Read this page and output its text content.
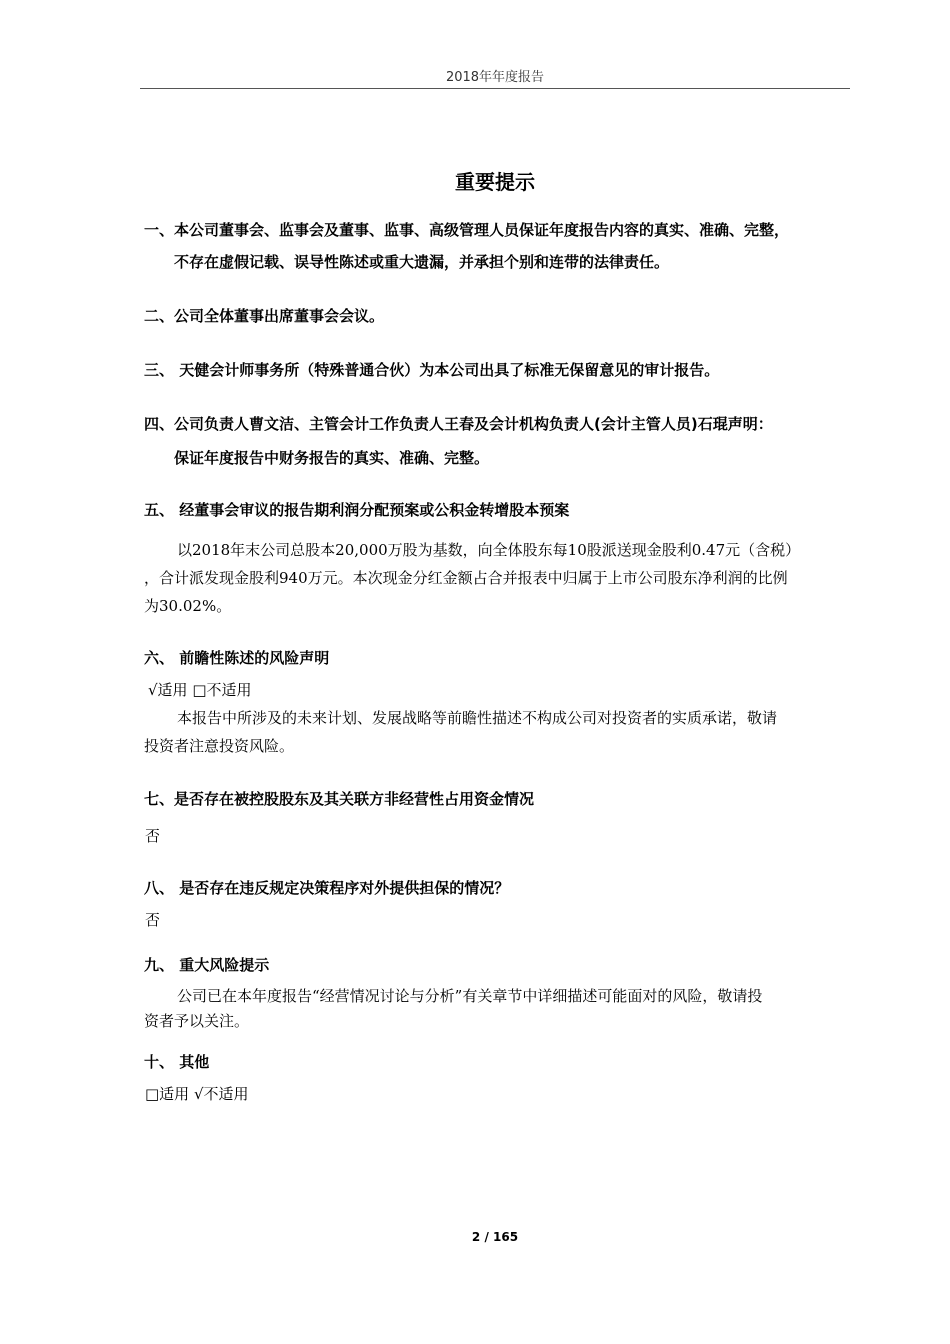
2018年年度报告
重要提示
一、本公司董事会、监事会及董事、监事、高级管理人员保证年度报告内容的真实、准确、完整，
不存在虚假记载、误导性陈述或重大遗漏，并承担个别和连带的法律责任。
二、公司全体董事出席董事会会议。
三、 天健会计师事务所（特殊普通合伙）为本公司出具了标准无保留意见的审计报告。
四、公司负责人曹文洁、主管会计工作负责人王春及会计机构负责人(会计主管人员)石琨声明：
保证年度报告中财务报告的真实、准确、完整。
五、 经董事会审议的报告期利润分配预案或公积金转增股本预案
以2018年末公司总股本20,000万股为基数，向全体股东每10股派送现金股利0.47元（含税）
，合计派发现金股利940万元。本次现金分红金额占合并报表中归属于上市公司股东净利润的比例
为30.02%。
六、 前瞻性陈述的风险声明
√适用 □不适用
本报告中所涉及的未来计划、发展战略等前瞻性描述不构成公司对投资者的实质承诺，敬请
投资者注意投资风险。
七、是否存在被控股股东及其关联方非经营性占用资金情况
否
八、 是否存在违反规定决策程序对外提供担保的情况？
否
九、 重大风险提示
公司已在本年度报告“经营情况讨论与分析”有关章节中详细描述可能面对的风险，敬请投
资者予以关注。
十、 其他
□适用 √不适用
2 / 165
